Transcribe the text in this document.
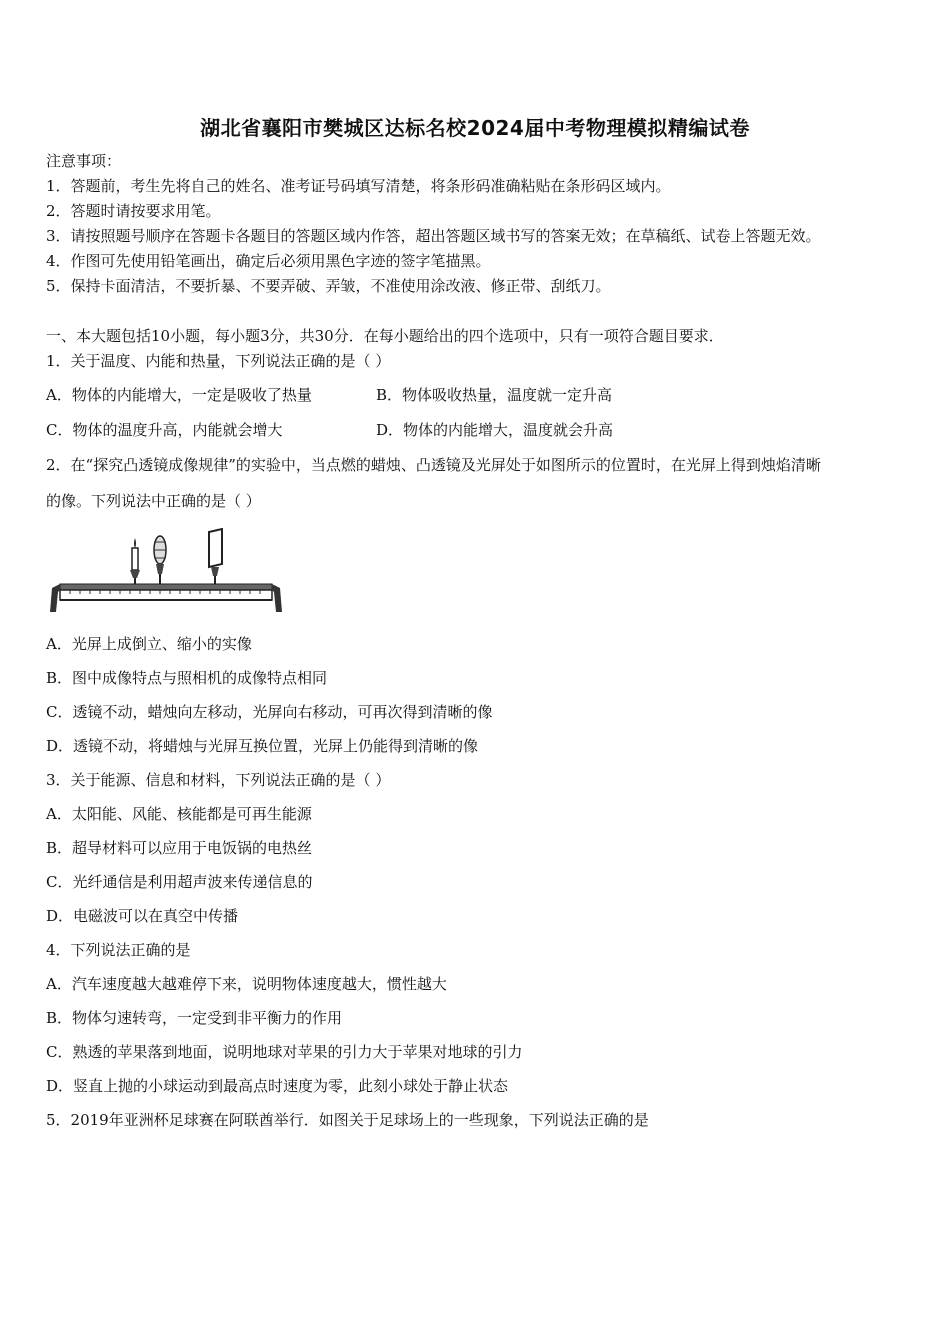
湖北省襄阳市樊城区达标名校2024届中考物理模拟精编试卷
注意事项：
1．答题前，考生先将自己的姓名、准考证号码填写清楚，将条形码准确粘贴在条形码区域内。
2．答题时请按要求用笔。
3．请按照题号顺序在答题卡各题目的答题区域内作答，超出答题区域书写的答案无效；在草稿纸、试卷上答题无效。
4．作图可先使用铅笔画出，确定后必须用黑色字迹的签字笔描黑。
5．保持卡面清洁，不要折暴、不要弄破、弄皱，不准使用涂改液、修正带、刮纸刀。
一、本大题包括10小题，每小题3分，共30分．在每小题给出的四个选项中，只有一项符合题目要求．
1．关于温度、内能和热量，下列说法正确的是（ ）
A．物体的内能增大，一定是吸收了热量	B．物体吸收热量，温度就一定升高
C．物体的温度升高，内能就会增大	D．物体的内能增大，温度就会升高
2．在“探究凸透镜成像规律”的实验中，当点燃的蜡烛、凸透镜及光屏处于如图所示的位置时，在光屏上得到烛焰清晰
的像。下列说法中正确的是（ ）
A．光屏上成倒立、缩小的实像
B．图中成像特点与照相机的成像特点相同
C．透镜不动，蜡烛向左移动，光屏向右移动，可再次得到清晰的像
D．透镜不动，将蜡烛与光屏互换位置，光屏上仍能得到清晰的像
3．关于能源、信息和材料，下列说法正确的是（ ）
A．太阳能、风能、核能都是可再生能源
B．超导材料可以应用于电饭锅的电热丝
C．光纤通信是利用超声波来传递信息的
D．电磁波可以在真空中传播
4．下列说法正确的是
A．汽车速度越大越难停下来，说明物体速度越大，惯性越大
B．物体匀速转弯，一定受到非平衡力的作用
C．熟透的苹果落到地面，说明地球对苹果的引力大于苹果对地球的引力
D．竖直上抛的小球运动到最高点时速度为零，此刻小球处于静止状态
5．2019年亚洲杯足球赛在阿联酋举行．如图关于足球场上的一些现象，下列说法正确的是
